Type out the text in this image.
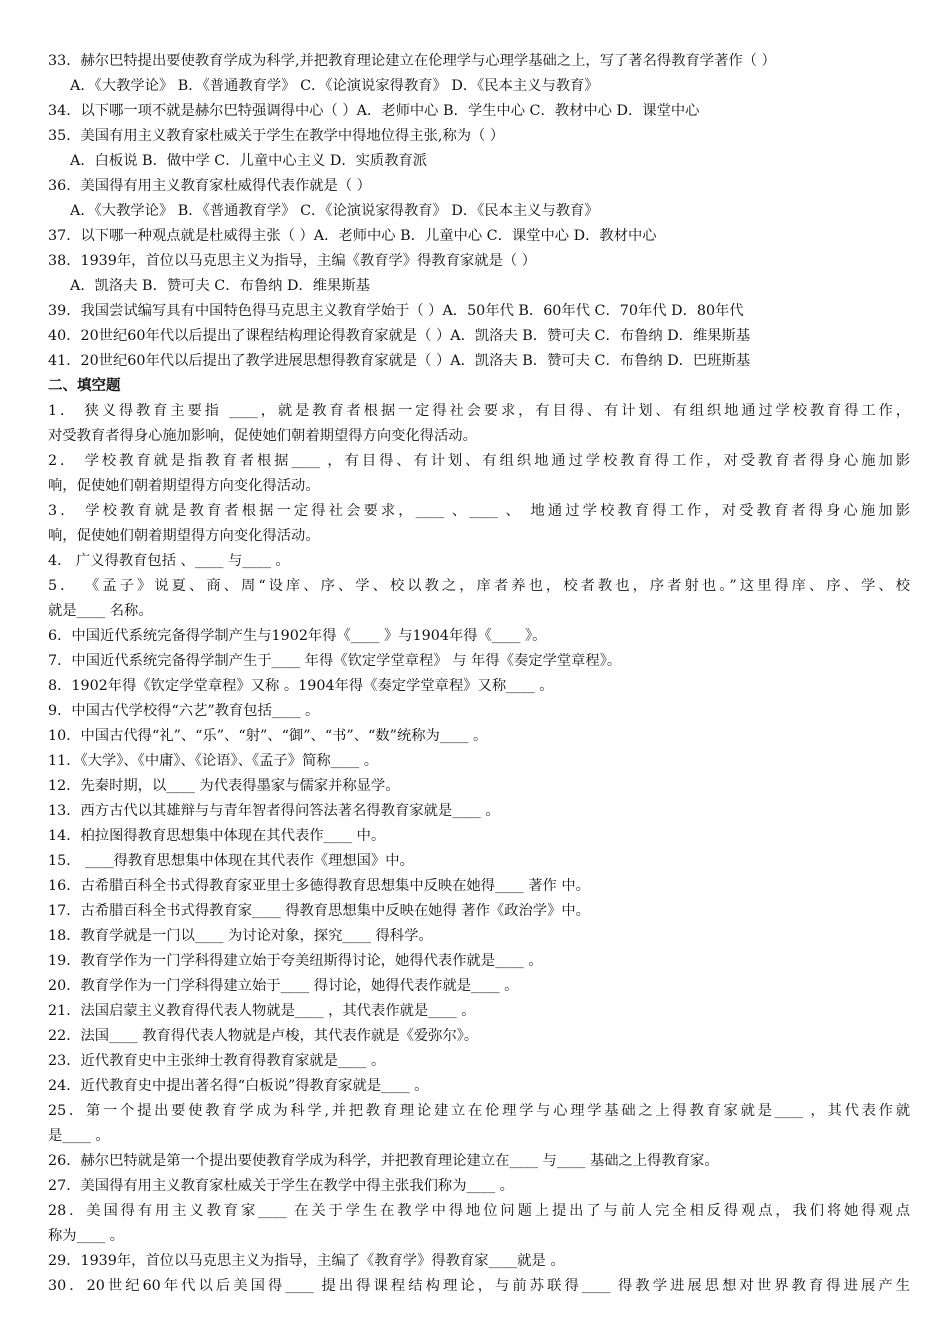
33．赫尔巴特提出要使教育学成为科学,并把教育理论建立在伦理学与心理学基础之上，写了著名得教育学著作（ ）
A．《大教学论》 B．《普通教育学》 C．《论演说家得教育》 D．《民本主义与教育》
34．以下哪一项不就是赫尔巴特强调得中心（ ）A．老师中心 B．学生中心 C．教材中心 D．课堂中心
35．美国有用主义教育家杜威关于学生在教学中得地位得主张,称为（ ）
A．白板说 B．做中学 C．儿童中心主义 D．实质教育派
36．美国得有用主义教育家杜威得代表作就是（ ）
A．《大教学论》 B．《普通教育学》 C．《论演说家得教育》 D．《民本主义与教育》
37．以下哪一种观点就是杜威得主张（ ）A．老师中心 B．儿童中心 C．课堂中心 D．教材中心
38．1939年，首位以马克思主义为指导，主编《教育学》得教育家就是（ ）
A．凯洛夫 B．赞可夫 C．布鲁纳 D．维果斯基
39．我国尝试编写具有中国特色得马克思主义教育学始于（ ）A．50年代 B．60年代 C．70年代 D．80年代
40．20世纪60年代以后提出了课程结构理论得教育家就是（ ）A．凯洛夫 B．赞可夫 C．布鲁纳 D．维果斯基
41．20世纪60年代以后提出了教学进展思想得教育家就是（ ）A．凯洛夫 B．赞可夫 C．布鲁纳 D．巴班斯基
二、填空题
1． 狭义得教育主要指 ____，就是教育者根据一定得社会要求，有目得、有计划、有组织地通过学校教育得工作，
对受教育者得身心施加影响，促使她们朝着期望得方向变化得活动。
2． 学校教育就是指教育者根据____ ，有目得、有计划、有组织地通过学校教育得工作，对受教育者得身心施加影
响，促使她们朝着期望得方向变化得活动。
3． 学校教育就是教育者根据一定得社会要求，____ 、____ 、 地通过学校教育得工作，对受教育者得身心施加影
响，促使她们朝着期望得方向变化得活动。
4． 广义得教育包括 、____ 与____ 。
5． 《孟子》说夏、商、周“设庠、序、学、校以教之，庠者养也，校者教也，序者射也。”这里得庠、序、学、校
就是____ 名称。
6．中国近代系统完备得学制产生与1902年得《____ 》与1904年得《____ 》。
7．中国近代系统完备得学制产生于____ 年得《钦定学堂章程》 与 年得《奏定学堂章程》。
8．1902年得《钦定学堂章程》又称 。1904年得《奏定学堂章程》又称____ 。
9．中国古代学校得“六艺”教育包括____ 。
10．中国古代得“礼”、“乐”、“射”、“御”、“书”、“数”统称为____ 。
11．《大学》、《中庸》、《论语》、《孟子》简称____ 。
12．先秦时期，以____ 为代表得墨家与儒家并称显学。
13．西方古代以其雄辩与与青年智者得问答法著名得教育家就是____ 。
14．柏拉图得教育思想集中体现在其代表作____ 中。
15． ____得教育思想集中体现在其代表作《理想国》中。
16．古希腊百科全书式得教育家亚里士多德得教育思想集中反映在她得____ 著作 中。
17．古希腊百科全书式得教育家____ 得教育思想集中反映在她得 著作《政治学》中。
18．教育学就是一门以____ 为讨论对象，探究____ 得科学。
19．教育学作为一门学科得建立始于夸美纽斯得讨论，她得代表作就是____ 。
20．教育学作为一门学科得建立始于____ 得讨论，她得代表作就是____ 。
21．法国启蒙主义教育得代表人物就是____ ，其代表作就是____ 。
22．法国____ 教育得代表人物就是卢梭，其代表作就是《爱弥尔》。
23．近代教育史中主张绅士教育得教育家就是____ 。
24．近代教育史中提出著名得“白板说”得教育家就是____ 。
25．第一个提出要使教育学成为科学,并把教育理论建立在伦理学与心理学基础之上得教育家就是____ ，其代表作就
是____ 。
26．赫尔巴特就是第一个提出要使教育学成为科学，并把教育理论建立在____ 与____ 基础之上得教育家。
27．美国得有用主义教育家杜威关于学生在教学中得主张我们称为____ 。
28．美国得有用主义教育家____ 在关于学生在教学中得地位问题上提出了与前人完全相反得观点，我们将她得观点
称为____ 。
29．1939年，首位以马克思主义为指导，主编了《教育学》得教育家____就是 。
30．20世纪60年代以后美国得____ 提出得课程结构理论，与前苏联得____ 得教学进展思想对世界教育得进展产生
